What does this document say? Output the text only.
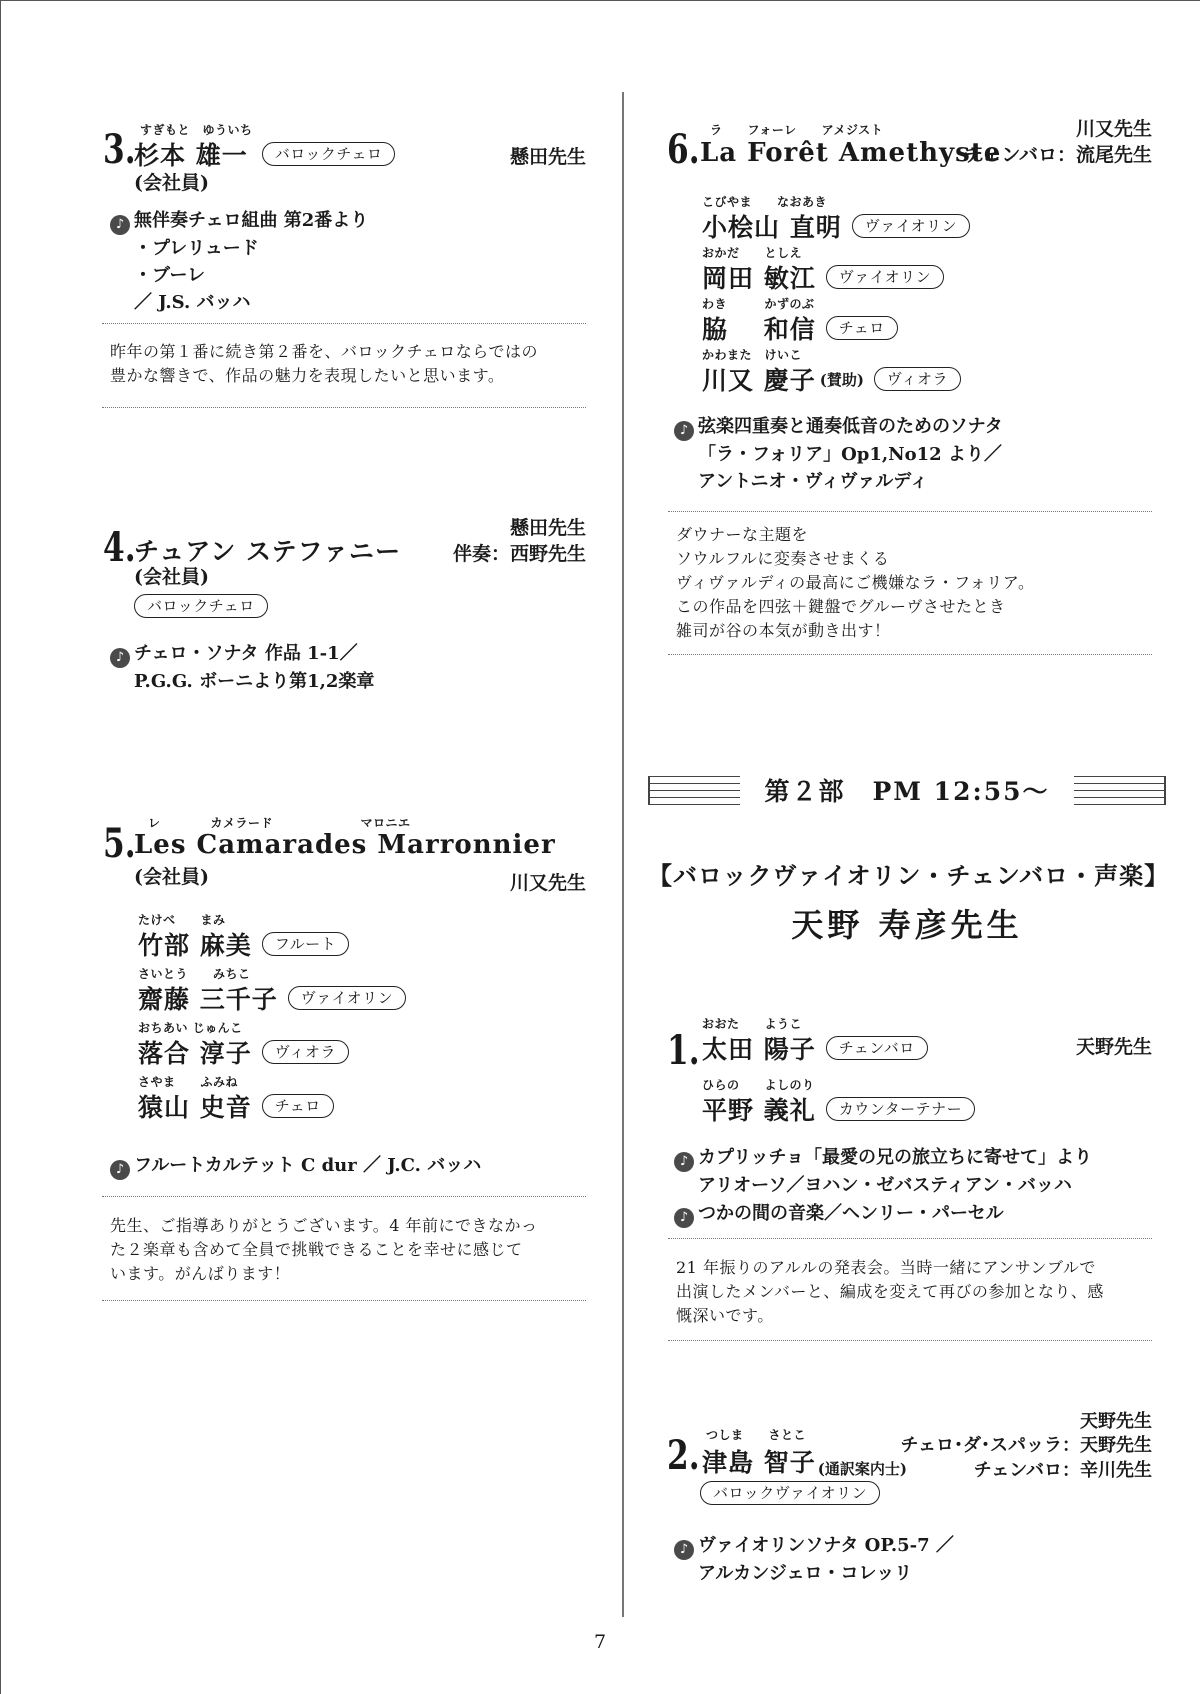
すぎもと　ゆういち
3.
杉本 雄一	バロックチェロ	懸田先生
(会社員)
♪ 無伴奏チェロ組曲 第2番より
・プレリュード
・ブーレ
／ J.S. バッハ
昨年の第１番に続き第２番を、バロックチェロならではの
豊かな響きで、作品の魅力を表現したいと思います。
4.
チュアン ステファニー
懸田先生
伴奏：西野先生
(会社員)
バロックチェロ
♪ チェロ・ソナタ 作品 1-1／
P.G.G. ボーニより第1,2楽章
レ　　　　カメラード　　　　　　　マロニエ
5.
Les Camarades Marronnier
(会社員)	川又先生
たけべ　　まみ
竹部 麻美	フルート
さいとう　　みちこ
齋藤 三千子	ヴァイオリン
おちあい じゅんこ
落合 淳子	ヴィオラ
さやま　　ふみね
猿山 史音	チェロ
♪ フルートカルテット C dur ／ J.C. バッハ
先生、ご指導ありがとうございます。4 年前にできなかっ
た２楽章も含めて全員で挑戦できることを幸せに感じて
います。がんばります！
ラ　　フォーレ　　アメジスト
6. La Forêt Amethyste
川又先生
チェンバロ：流尾先生
こびやま　　なおあき
小桧山 直明	ヴァイオリン
おかだ　　としえ
岡田 敏江	ヴァイオリン
わき　　　かずのぶ
脇　 和信	チェロ
かわまた　けいこ
川又 慶子 (賛助)	ヴィオラ
♪ 弦楽四重奏と通奏低音のためのソナタ
「ラ・フォリア」Op1,No12 より／
アントニオ・ヴィヴァルディ
ダウナーな主題を
ソウルフルに変奏させまくる
ヴィヴァルディの最高にご機嫌なラ・フォリア。
この作品を四弦＋鍵盤でグルーヴさせたとき
雑司が谷の本気が動き出す！
第２部　PM 12:55〜
【バロックヴァイオリン・チェンバロ・声楽】
天野 寿彦先生
1.	天野先生
おおた　　ようこ
太田 陽子	チェンバロ
ひらの　　よしのり
平野 義礼	カウンターテナー
♪ カプリッチョ「最愛の兄の旅立ちに寄せて」より
アリオーソ／ヨハン・ゼバスティアン・バッハ
♪ つかの間の音楽／ヘンリー・パーセル
21 年振りのアルルの発表会。当時一緒にアンサンブルで
出演したメンバーと、編成を変えて再びの参加となり、感
慨深いです。
つしま　　さとこ
2. 津島 智子 (通訳案内士)
天野先生
チェロ･ダ･スパッラ：天野先生
チェンバロ：辛川先生
バロックヴァイオリン
♪ ヴァイオリンソナタ OP.5-7 ／
アルカンジェロ・コレッリ
7
